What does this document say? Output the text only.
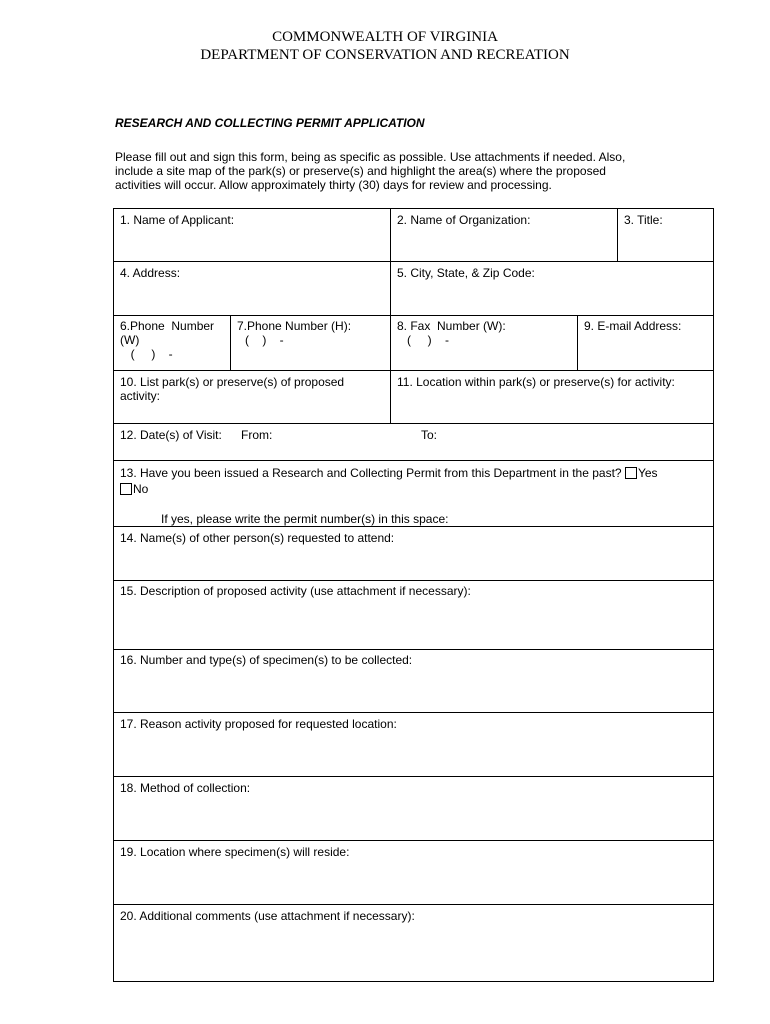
COMMONWEALTH OF VIRGINIA
DEPARTMENT OF CONSERVATION AND RECREATION
RESEARCH AND COLLECTING PERMIT APPLICATION
Please fill out and sign this form, being as specific as possible. Use attachments if needed. Also,
include a site map of the park(s) or preserve(s) and highlight the area(s) where the proposed
activities will occur. Allow approximately thirty (30) days for review and processing.
1. Name of Applicant:	2. Name of Organization:	3. Title:
4. Address:	5. City, State, & Zip Code:
6.Phone  Number
(W)
(     )    -
7.Phone Number (H):
(    )    -
8. Fax  Number (W):
(     )    -
9. E-mail Address:
10. List park(s) or preserve(s) of proposed
activity:
11. Location within park(s) or preserve(s) for activity:
12. Date(s) of Visit: From:	To:
13. Have you been issued a Research and Collecting Permit from this Department in the past? Yes
No
If yes, please write the permit number(s) in this space:
14. Name(s) of other person(s) requested to attend:
15. Description of proposed activity (use attachment if necessary):
16. Number and type(s) of specimen(s) to be collected:
17. Reason activity proposed for requested location:
18. Method of collection:
19. Location where specimen(s) will reside:
20. Additional comments (use attachment if necessary):
